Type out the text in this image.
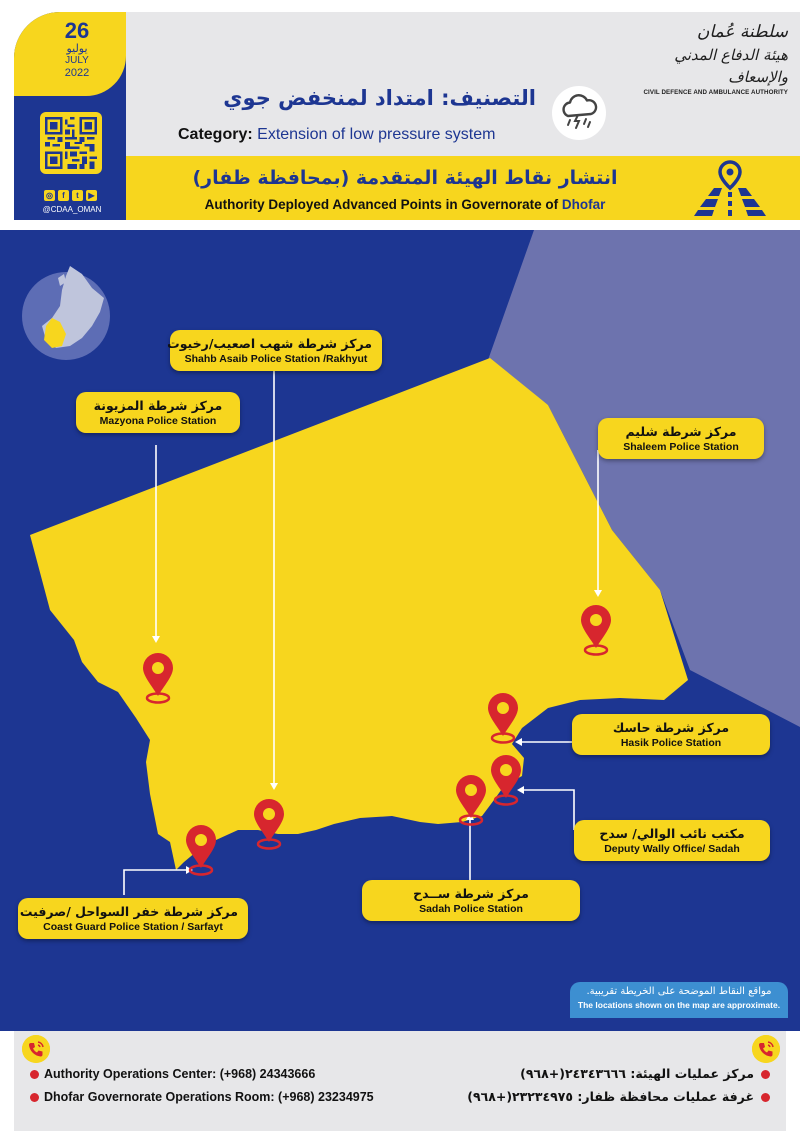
26
يوليو
JULY
2022
◎	f	t	▶
@CDAA_OMAN
سلطنة عُمان
هيئة الدفاع المدني والإسعاف
CIVIL DEFENCE AND AMBULANCE AUTHORITY
التصنيف: امتداد لمنخفض جوي
Category: Extension of low pressure system
انتشار نقاط الهيئة المتقدمة (بمحافظة ظفار)
Authority Deployed Advanced Points in Governorate of Dhofar
مركز شرطة شهب اصعيب/رخيوت
Shahb Asaib Police Station /Rakhyut
مركز شرطة المزيونة
Mazyona Police Station
مركز شرطة شليم
Shaleem Police Station
مركز شرطة حاسك
Hasik Police Station
مكتب نائب الوالي/ سدح
Deputy Wally Office/ Sadah
مركز شرطة ســدح
Sadah Police Station
مركز شرطة خفر السواحل /صرفيت
Coast Guard Police Station / Sarfayt
مواقع النقاط الموضحة على الخريطة تقريبية.
The locations shown on the map are approximate.
Authority Operations Center: (+968) 24343666
Dhofar Governorate Operations Room: (+968) 23234975
مركز عمليات الهيئة: ٢٤٣٤٣٦٦٦(+٩٦٨)
غرفة عمليات محافظة ظفار: ٢٣٢٣٤٩٧٥(+٩٦٨)
